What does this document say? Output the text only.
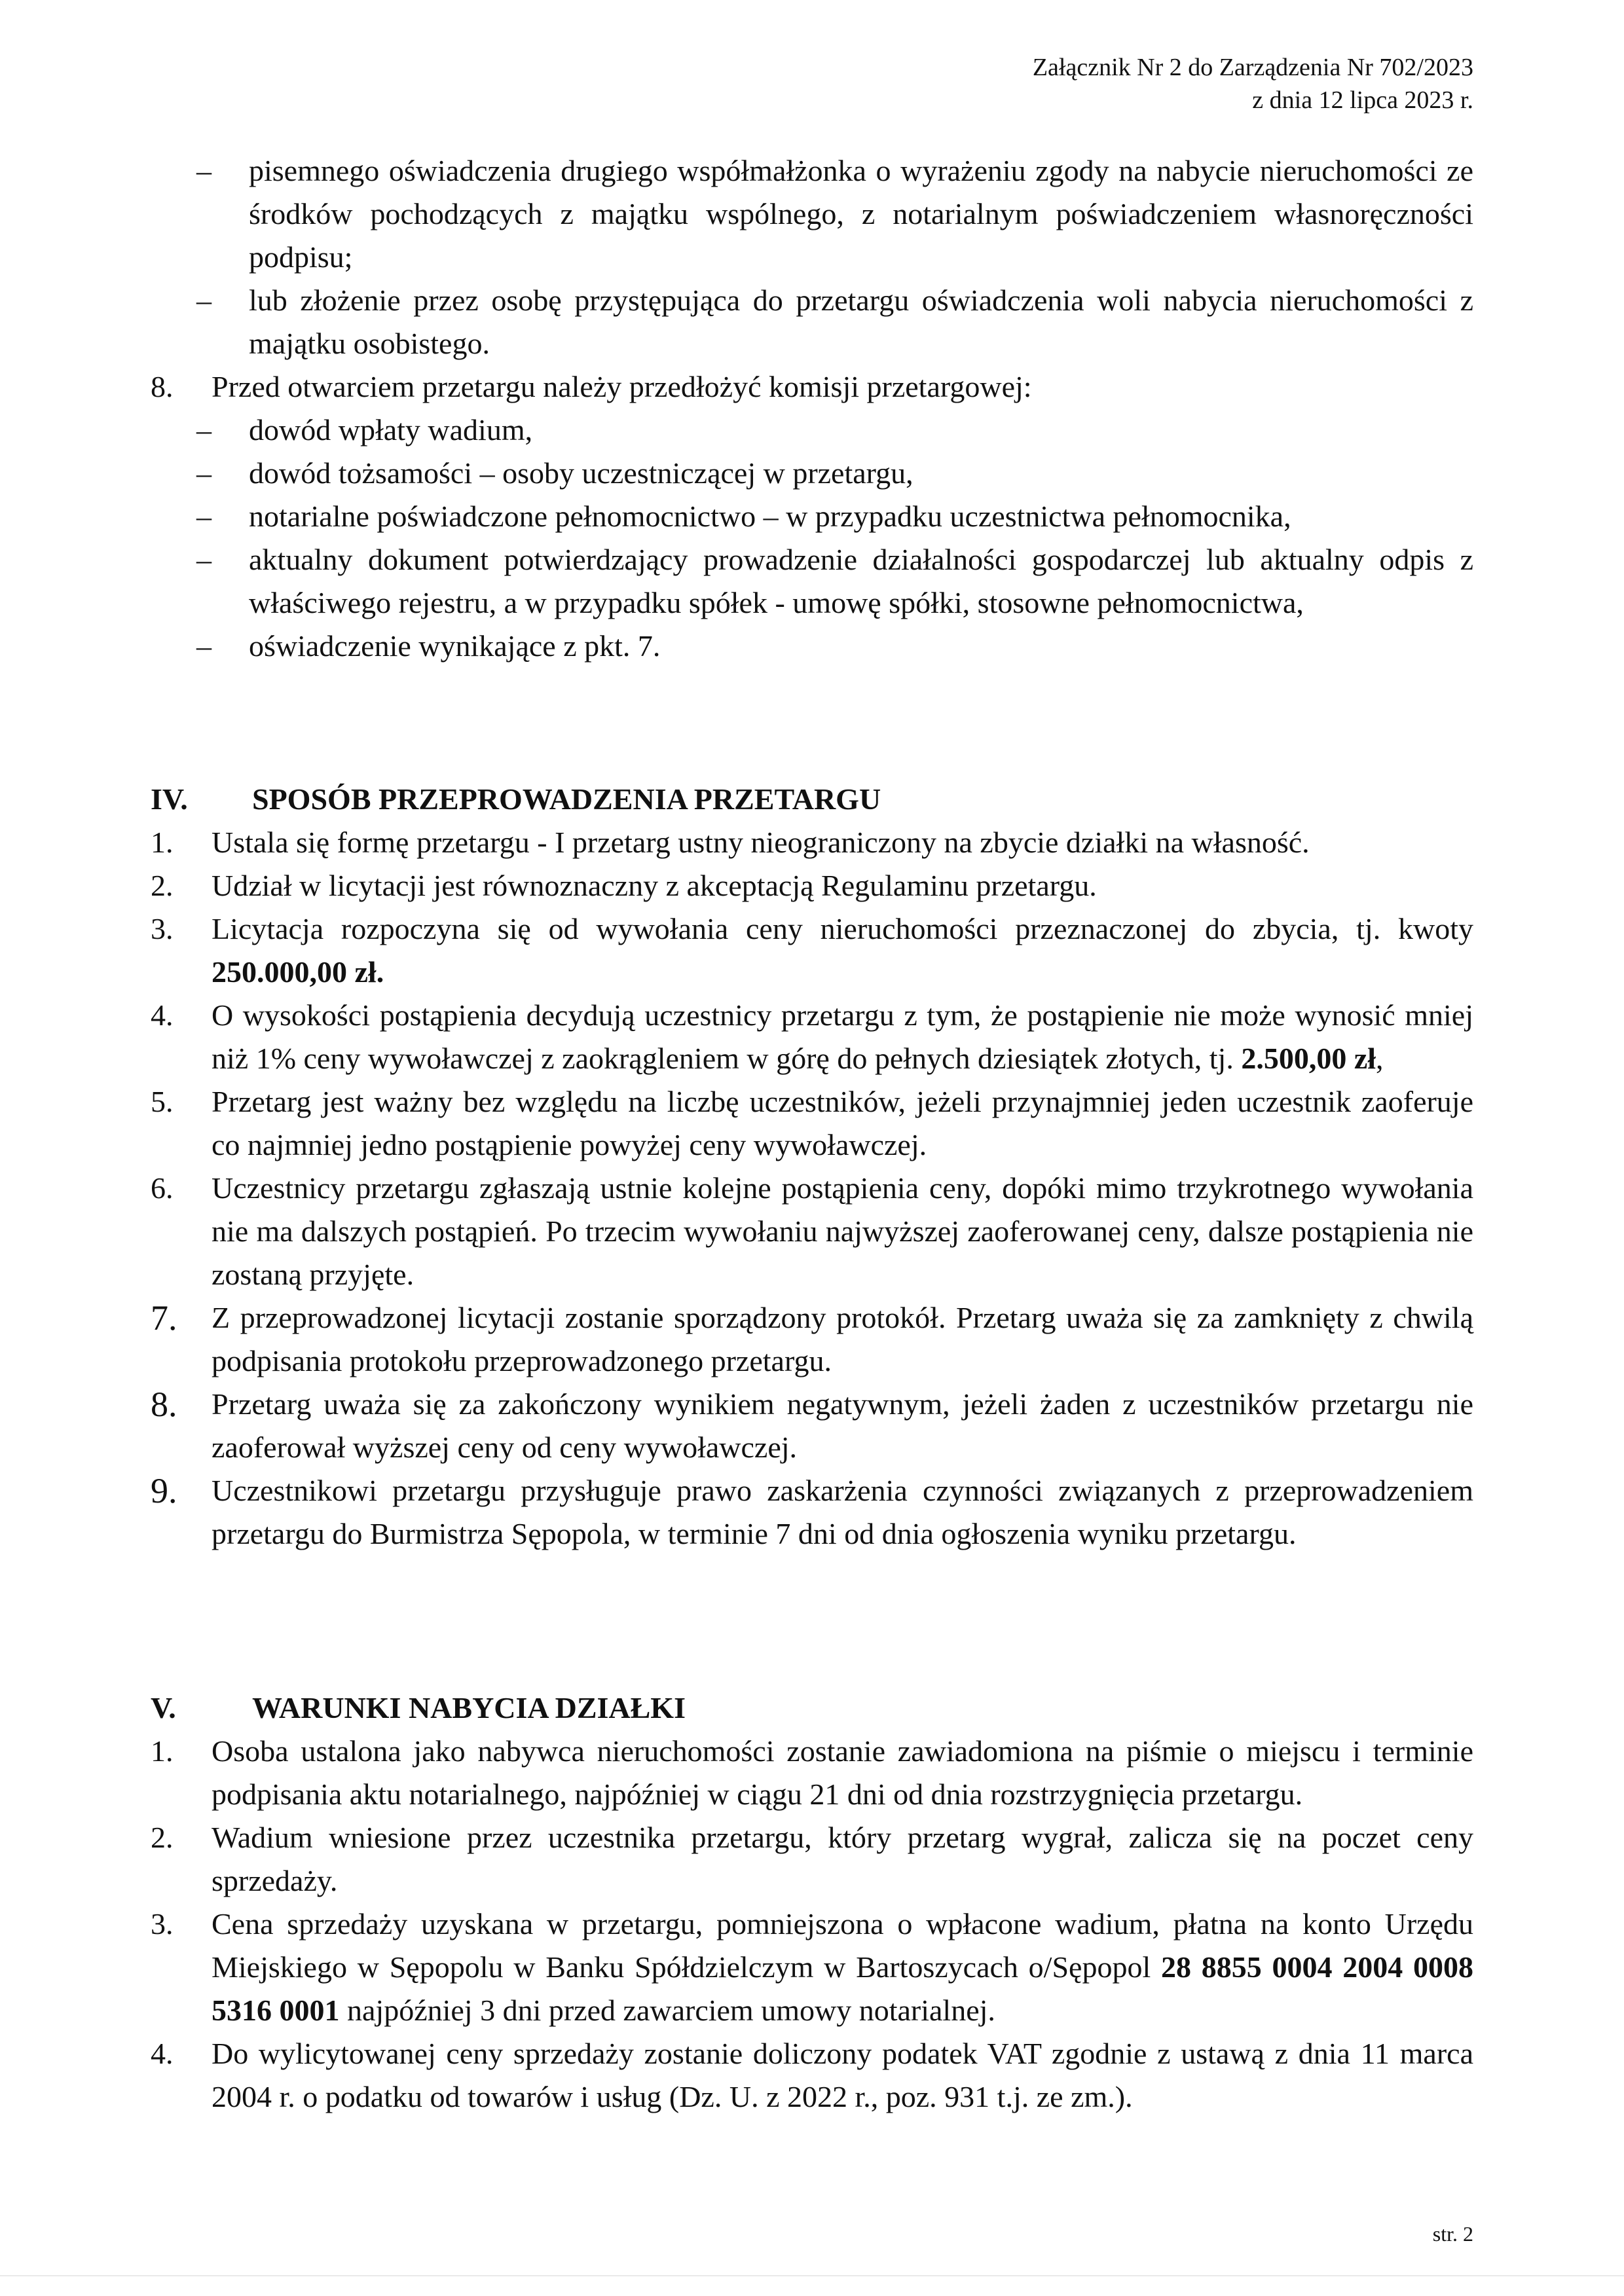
Załącznik Nr 2 do Zarządzenia Nr 702/2023
z dnia 12 lipca 2023 r.
–	pisemnego oświadczenia drugiego współmałżonka o wyrażeniu zgody na nabycie nieruchomości ze środków pochodzących z majątku wspólnego, z notarialnym poświadczeniem własnoręczności podpisu;
–	lub złożenie przez osobę przystępująca do przetargu oświadczenia woli nabycia nieruchomości z majątku osobistego.
8.	Przed otwarciem przetargu należy przedłożyć komisji przetargowej:
–	dowód wpłaty wadium,
–	dowód tożsamości – osoby uczestniczącej w przetargu,
–	notarialne poświadczone pełnomocnictwo – w przypadku uczestnictwa pełnomocnika,
–	aktualny dokument potwierdzający prowadzenie działalności gospodarczej lub aktualny odpis z właściwego rejestru, a w przypadku spółek - umowę spółki, stosowne pełnomocnictwa,
–	oświadczenie wynikające z pkt. 7.
IV.	SPOSÓB PRZEPROWADZENIA PRZETARGU
1.	Ustala się formę przetargu - I przetarg ustny nieograniczony na zbycie działki na własność.
2.	Udział w licytacji jest równoznaczny z akceptacją Regulaminu przetargu.
3.	Licytacja rozpoczyna się od wywołania ceny nieruchomości przeznaczonej do zbycia, tj. kwoty 250.000,00 zł.
4.	O wysokości postąpienia decydują uczestnicy przetargu z tym, że postąpienie nie może wynosić mniej niż 1% ceny wywoławczej z zaokrągleniem w górę do pełnych dziesiątek złotych, tj. 2.500,00 zł,
5.	Przetarg jest ważny bez względu na liczbę uczestników, jeżeli przynajmniej jeden uczestnik zaoferuje co najmniej jedno postąpienie powyżej ceny wywoławczej.
6.	Uczestnicy przetargu zgłaszają ustnie kolejne postąpienia ceny, dopóki mimo trzykrotnego wywołania nie ma dalszych postąpień. Po trzecim wywołaniu najwyższej zaoferowanej ceny, dalsze postąpienia nie zostaną przyjęte.
7.	Z przeprowadzonej licytacji zostanie sporządzony protokół. Przetarg uważa się za zamknięty z chwilą podpisania protokołu przeprowadzonego przetargu.
8.	Przetarg uważa się za zakończony wynikiem negatywnym, jeżeli żaden z uczestników przetargu nie zaoferował wyższej ceny od ceny wywoławczej.
9.	Uczestnikowi przetargu przysługuje prawo zaskarżenia czynności związanych z przeprowadzeniem przetargu do Burmistrza Sępopola, w terminie 7 dni od dnia ogłoszenia wyniku przetargu.
V.	WARUNKI NABYCIA DZIAŁKI
1.	Osoba ustalona jako nabywca nieruchomości zostanie zawiadomiona na piśmie o miejscu i terminie podpisania aktu notarialnego, najpóźniej w ciągu 21 dni od dnia rozstrzygnięcia przetargu.
2.	Wadium wniesione przez uczestnika przetargu, który przetarg wygrał, zalicza się na poczet ceny sprzedaży.
3.	Cena sprzedaży uzyskana w przetargu, pomniejszona o wpłacone wadium, płatna na konto Urzędu Miejskiego w Sępopolu w Banku Spółdzielczym w Bartoszycach o/Sępopol 28 8855 0004 2004 0008 5316 0001 najpóźniej 3 dni przed zawarciem umowy notarialnej.
4.	Do wylicytowanej ceny sprzedaży zostanie doliczony podatek VAT zgodnie z ustawą z dnia 11 marca 2004 r. o podatku od towarów i usług (Dz. U. z 2022 r., poz. 931 t.j. ze zm.).
str. 2
